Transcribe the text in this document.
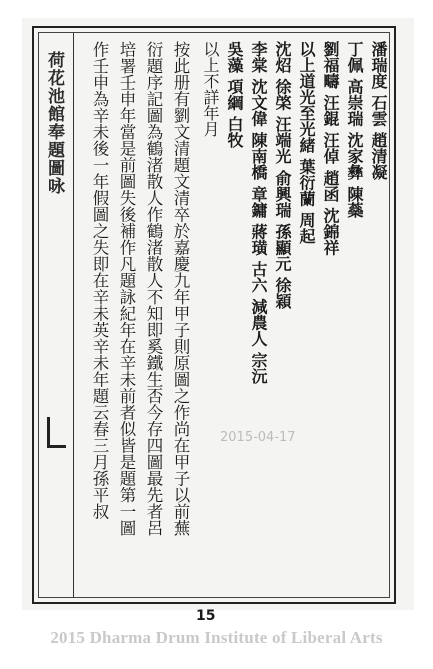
荷花池館奉題圖咏	潘瑞度 石雲 趙清凝
丁佩 高崇瑞 沈家彝 陳蘂
劉福疇 汪錕 汪倬 趙函 沈錦祥
以上道光至光緒 葉衍蘭 周起
沈炤 徐棨 汪端光 俞興瑞 孫顯元 徐穎
李棠 沈文偉 陳南橋 章鏞 蔣璜 古六 減農人 宗沅
吳藻 項綱 白牧
以上不詳年月
按此册有劉文清題文清卒於嘉慶九年甲子則原圖之作尚在甲子以前蕪
衍題序記圖為鶴渚散人作鶴渚散人不知即奚鐵生否今存四圖最先者呂
培署壬申年當是前圖失後補作凡題詠紀年在辛未前者似皆是題第一圖
作壬申為辛未後一年假圖之失即在辛未英辛未年題云春三月孫平叔
15
2015-04-17
2015 Dharma Drum Institute of Liberal Arts
